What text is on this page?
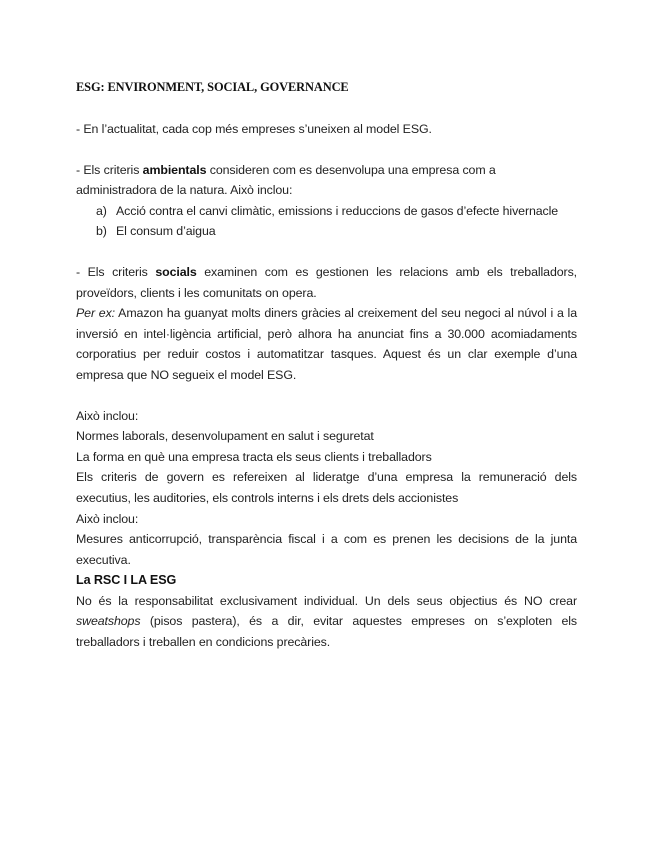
ESG: ENVIRONMENT, SOCIAL, GOVERNANCE

- En l’actualitat, cada cop més empreses s’uneixen al model ESG.

- Els criteris ambientals consideren com es desenvolupa una empresa com a administradora de la natura. Això inclou:

a) Acció contra el canvi climàtic, emissions i reduccions de gasos d’efecte hivernacle
b) El consum d’aigua

- Els criteris socials examinen com es gestionen les relacions amb els treballadors, proveïdors, clients i les comunitats on opera.

Per ex: Amazon ha guanyat molts diners gràcies al creixement del seu negoci al núvol i a la inversió en intel·ligència artificial, però alhora ha anunciat fins a 30.000 acomiadaments corporatius per reduir costos i automatitzar tasques. Aquest és un clar exemple d’una empresa que NO segueix el model ESG.

Això inclou:

Normes laborals, desenvolupament en salut i seguretat

La forma en què una empresa tracta els seus clients i treballadors

Els criteris de govern es refereixen al lideratge d’una empresa la remuneració dels executius, les auditories, els controls interns i els drets dels accionistes

Això inclou:

Mesures anticorrupció, transparència fiscal i a com es prenen les decisions de la junta executiva.

La RSC I LA ESG

No és la responsabilitat exclusivament individual. Un dels seus objectius és NO crear sweatshops (pisos pastera), és a dir, evitar aquestes empreses on s’exploten els treballadors i treballen en condicions precàries.
